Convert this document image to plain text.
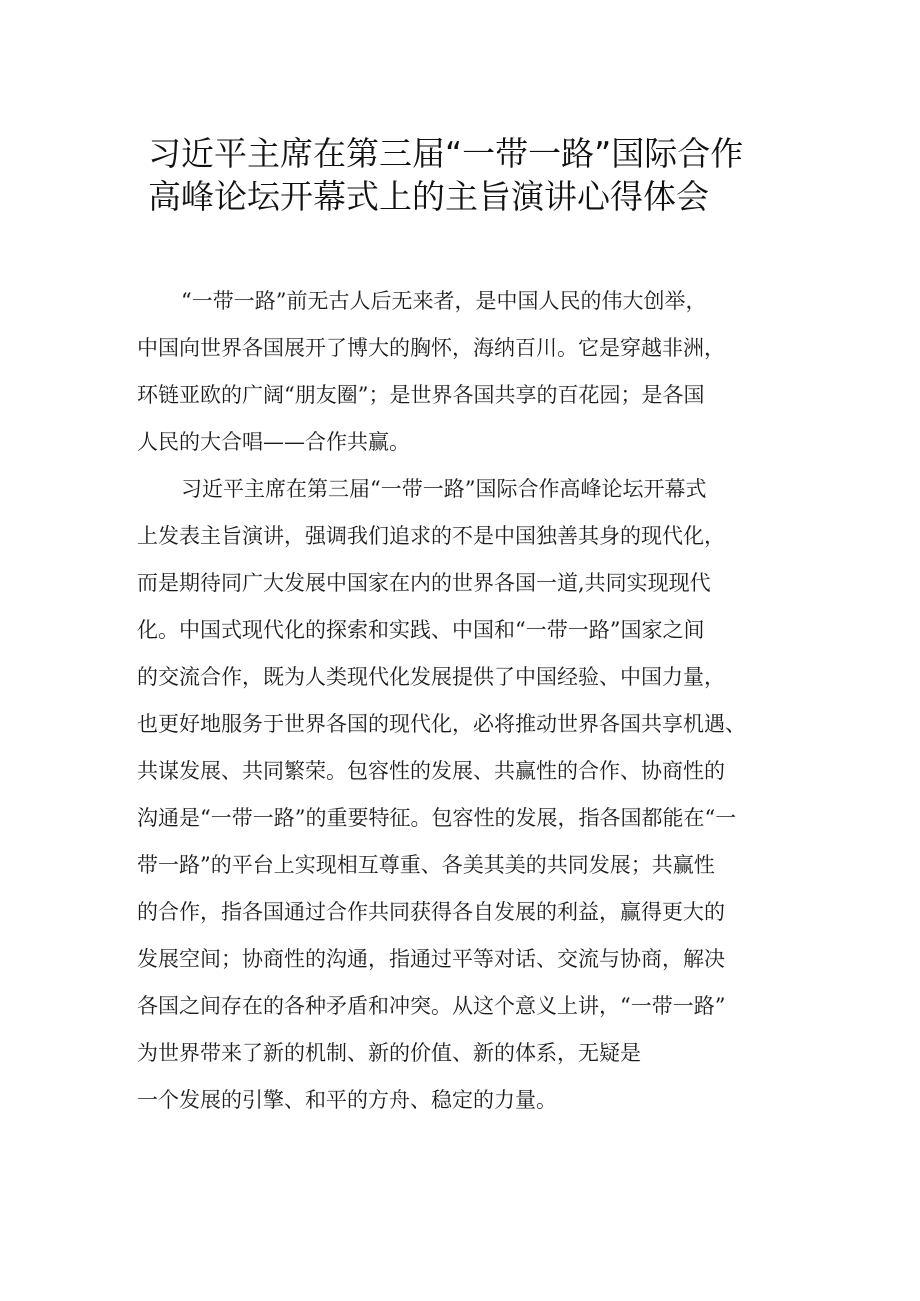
习近平主席在第三届“一带一路”国际合作
高峰论坛开幕式上的主旨演讲心得体会
“一带一路”前无古人后无来者，是中国人民的伟大创举，
中国向世界各国展开了博大的胸怀，海纳百川。它是穿越非洲，
环链亚欧的广阔“朋友圈”；是世界各国共享的百花园；是各国
人民的大合唱——合作共赢。
习近平主席在第三届“一带一路”国际合作高峰论坛开幕式
上发表主旨演讲，强调我们追求的不是中国独善其身的现代化，
而是期待同广大发展中国家在内的世界各国一道,共同实现现代
化。中国式现代化的探索和实践、中国和“一带一路”国家之间
的交流合作，既为人类现代化发展提供了中国经验、中国力量，
也更好地服务于世界各国的现代化，必将推动世界各国共享机遇、
共谋发展、共同繁荣。包容性的发展、共赢性的合作、协商性的
沟通是“一带一路”的重要特征。包容性的发展，指各国都能在“一
带一路”的平台上实现相互尊重、各美其美的共同发展；共赢性
的合作，指各国通过合作共同获得各自发展的利益，赢得更大的
发展空间；协商性的沟通，指通过平等对话、交流与协商，解决
各国之间存在的各种矛盾和冲突。从这个意义上讲，“一带一路”
为世界带来了新的机制、新的价值、新的体系，无疑是
一个发展的引擎、和平的方舟、稳定的力量。
